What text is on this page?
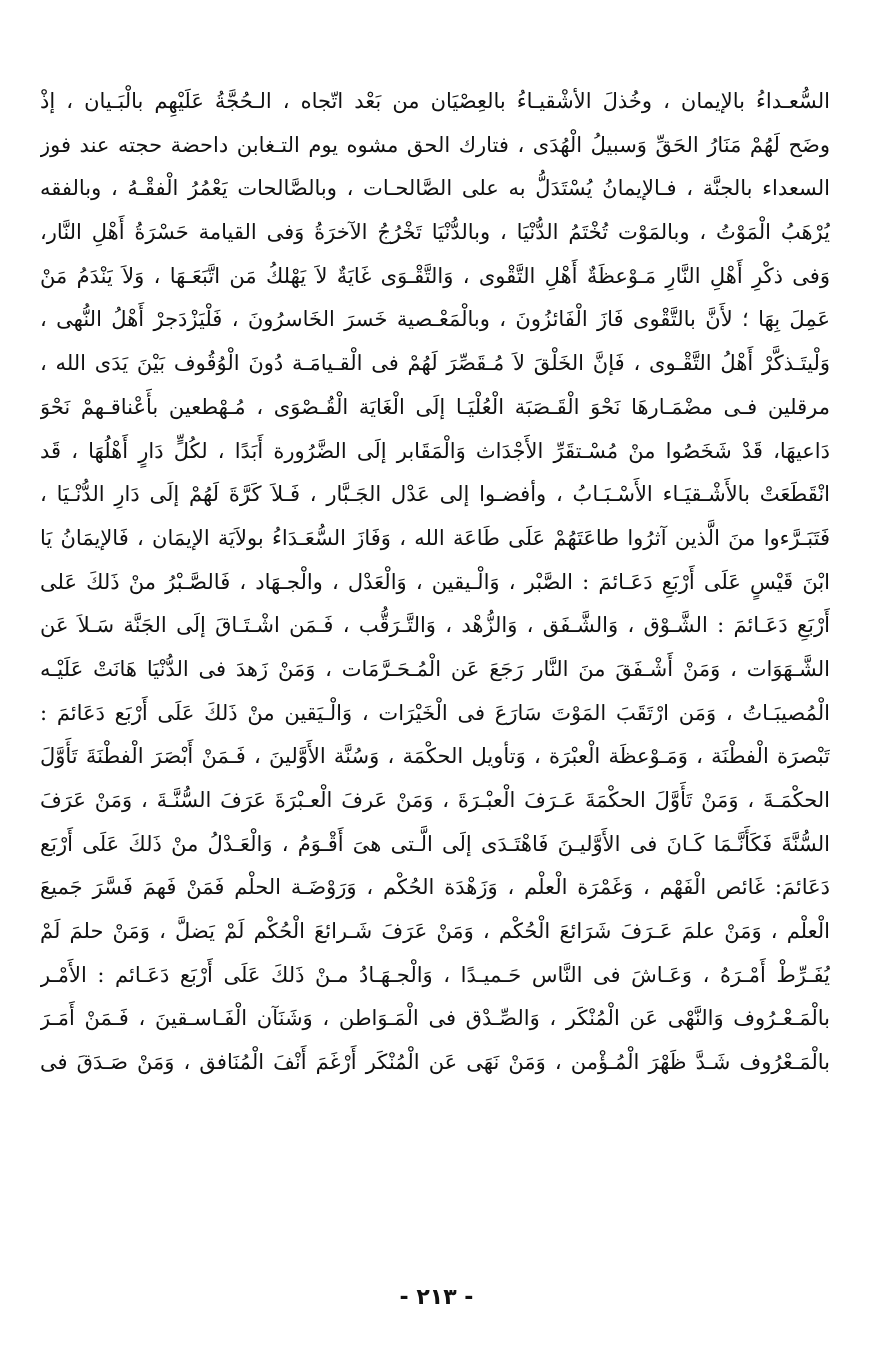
السُّعـداءُ بالإيمان ، وخُذلَ الأشْقيـاءُ بالعِصْيَان من بَعْد اتّجاه ، الـحُجَّةُ عَلَيْهِم بالْبَـيان ، إذْ
وضَح لَهُمْ مَنَارُ الحَقِّ وَسبيلُ الْهُدَى ، فتارك الحق مشوه يوم التـغابن داحضة حجته عند فوز
السعداء بالجنَّة ، فـالإيمانُ يُسْتَدَلُّ به على الصَّالحـات ، وبالصَّالحات يَعْمُرُ الْفقْـهُ ، وبالفقه
يُرْهَبُ الْمَوْتُ ، وبالمَوْت تُخْتَمُ الدُّنْيَا ، وبالدُّنْيَا تَخْرُجُ الآخرَةُ وَفى القيامة حَسْرَةُ أَهْلِ النَّار،
وَفى ذكْرِ أَهْلِ النَّارِ مَـوْعظَةٌ أَهْلِ التَّقْوى ، وَالتَّقْـوَى غَايَةٌ لاَ يَهْلكُ مَن اتَّبَعَـهَا ، وَلاَ يَنْدَمُ مَنْ
عَمِلَ بِهَا ؛ لأَنَّ بالتَّقْوى فَازَ الْفَائزُونَ ، وبالْمَعْـصية خَسرَ الخَاسرُونَ ، فَلْيَزْدَجرْ أَهْلُ النُّهى ،
وَلْيتَـذكَّرْ أَهْلُ التَّقْـوى ، فَإنَّ الخَلْقَ لاَ مُـقَصِّرَ لَهُمْ فى الْقـيامَـة دُونَ الْوُقُوف بَيْنَ يَدَى الله ،
مرقلين فـى مضْمَـارهَا نَحْوَ الْقَـصَبَة الْعُلْيَـا إلَى الْغَايَة الْقُـصْوَى ، مُـهْطعين بأَعْناقـهمْ نَحْوَ
دَاعيهَا، قَدْ شَخَصُوا منْ مُسْـتقَرِّ الأَجْدَاث وَالْمَقَابر إلَى الضَّرُورة أَبَدًا ، لكُلٍّ دَارٍ أَهْلُهَا ، قَد
انْقَطَعَتْ بالأَشْـقيَـاء الأَسْـبَـابُ ، وأفضـوا إلى عَدْل الجَـبَّار ، فَـلاَ كَرَّةَ لَهُمْ إلَى دَارِ الدُّنْـيَا ،
فَتَبَـرَّءوا منَ الَّذين آثرُوا طاعَتَهُمْ عَلَى طَاعَة الله ، وَفَازَ السُّعَـدَاءُ بولاَيَة الإيمَان ، فَالإيمَانُ يَا
ابْنَ قَيْسٍ عَلَى أَرْبَعِ دَعَـائمَ : الصَّبْر ، وَالْـيقين ، وَالْعَدْل ، والْجـهَاد ، فَالصَّـبْرُ منْ ذَلكَ عَلى
أَرْبَعِ دَعَـائمَ : الشَّـوْق ، وَالشَّـفَق ، وَالزُّهْد ، وَالتَّـرَقُّب ، فَـمَن اشْـتَـاقَ إلَى الجَنَّة سَـلاَ عَن
الشَّـهَوَات ، وَمَنْ أَشْـفَقَ منَ النَّار رَجَعَ عَن الْمُـحَـرَّمَات ، وَمَنْ زَهدَ فى الدُّنْيَا هَانَتْ عَلَيْـه
الْمُصيبَـاتُ ، وَمَن ارْتَقَبَ المَوْتَ سَارَعَ فى الْخَيْرَات ، وَالْـيَقين منْ ذَلكَ عَلَى أَرْبَع دَعَائمَ :
تَبْصرَة الْفطْنَة ، وَمَـوْعظَة الْعبْرَة ، وَتأويل الحكْمَة ، وَسُنَّة الأَوَّلينَ ، فَـمَنْ أَبْصَرَ الْفطْنَةَ تَأَوَّلَ
الحكْمَـةَ ، وَمَنْ تَأَوَّلَ الحكْمَةَ عَـرَفَ الْعبْـرَةَ ، وَمَنْ عَرفَ الْعـبْرَةَ عَرَفَ السُّنَّـةَ ، وَمَنْ عَرَفَ
السُّنَّةَ فَكَأَنَّـمَا كَـانَ فى الأَوَّليـنَ فَاهْتَـدَى إلَى الَّـتى هىَ أَقْـوَمُ ، وَالْعَـدْلُ منْ ذَلكَ عَلَى أَرْبَع
دَعَائمَ: غَائص الْفَهْم ، وَغَمْرَة الْعلْم ، وَزَهْدَة الحُكْم ، وَرَوْضَـة الحلْم فَمَنْ فَهمَ فَسَّرَ جَميعَ
الْعلْم ، وَمَنْ علمَ عَـرَفَ شَرَائعَ الْحُكْم ، وَمَنْ عَرَفَ شَـرائعَ الْحُكْم لَمْ يَضلَّ ، وَمَنْ حلمَ لَمْ
يُفَـرِّطْ أَمْـرَهُ ، وَعَـاشَ فى النَّاس حَـميـدًا ، وَالْجـهَـادُ مـنْ ذَلكَ عَلَى أَرْبَع دَعَـائم : الأَمْـر
بالْمَـعْـرُوف وَالنَّهْى عَن الْمُنْكَر ، وَالصِّـدْق فى الْمَـوَاطن ، وَشَنَآن الْفَـاسـقينَ ، فَـمَنْ أَمَـرَ
بالْمَـعْرُوف شَـدَّ ظَهْرَ الْمُـؤْمن ، وَمَنْ نَهَى عَن الْمُنْكَر أَرْغَمَ أَنْفَ الْمُنَافق ، وَمَنْ صَـدَقَ فى
- ٢١٣ -
